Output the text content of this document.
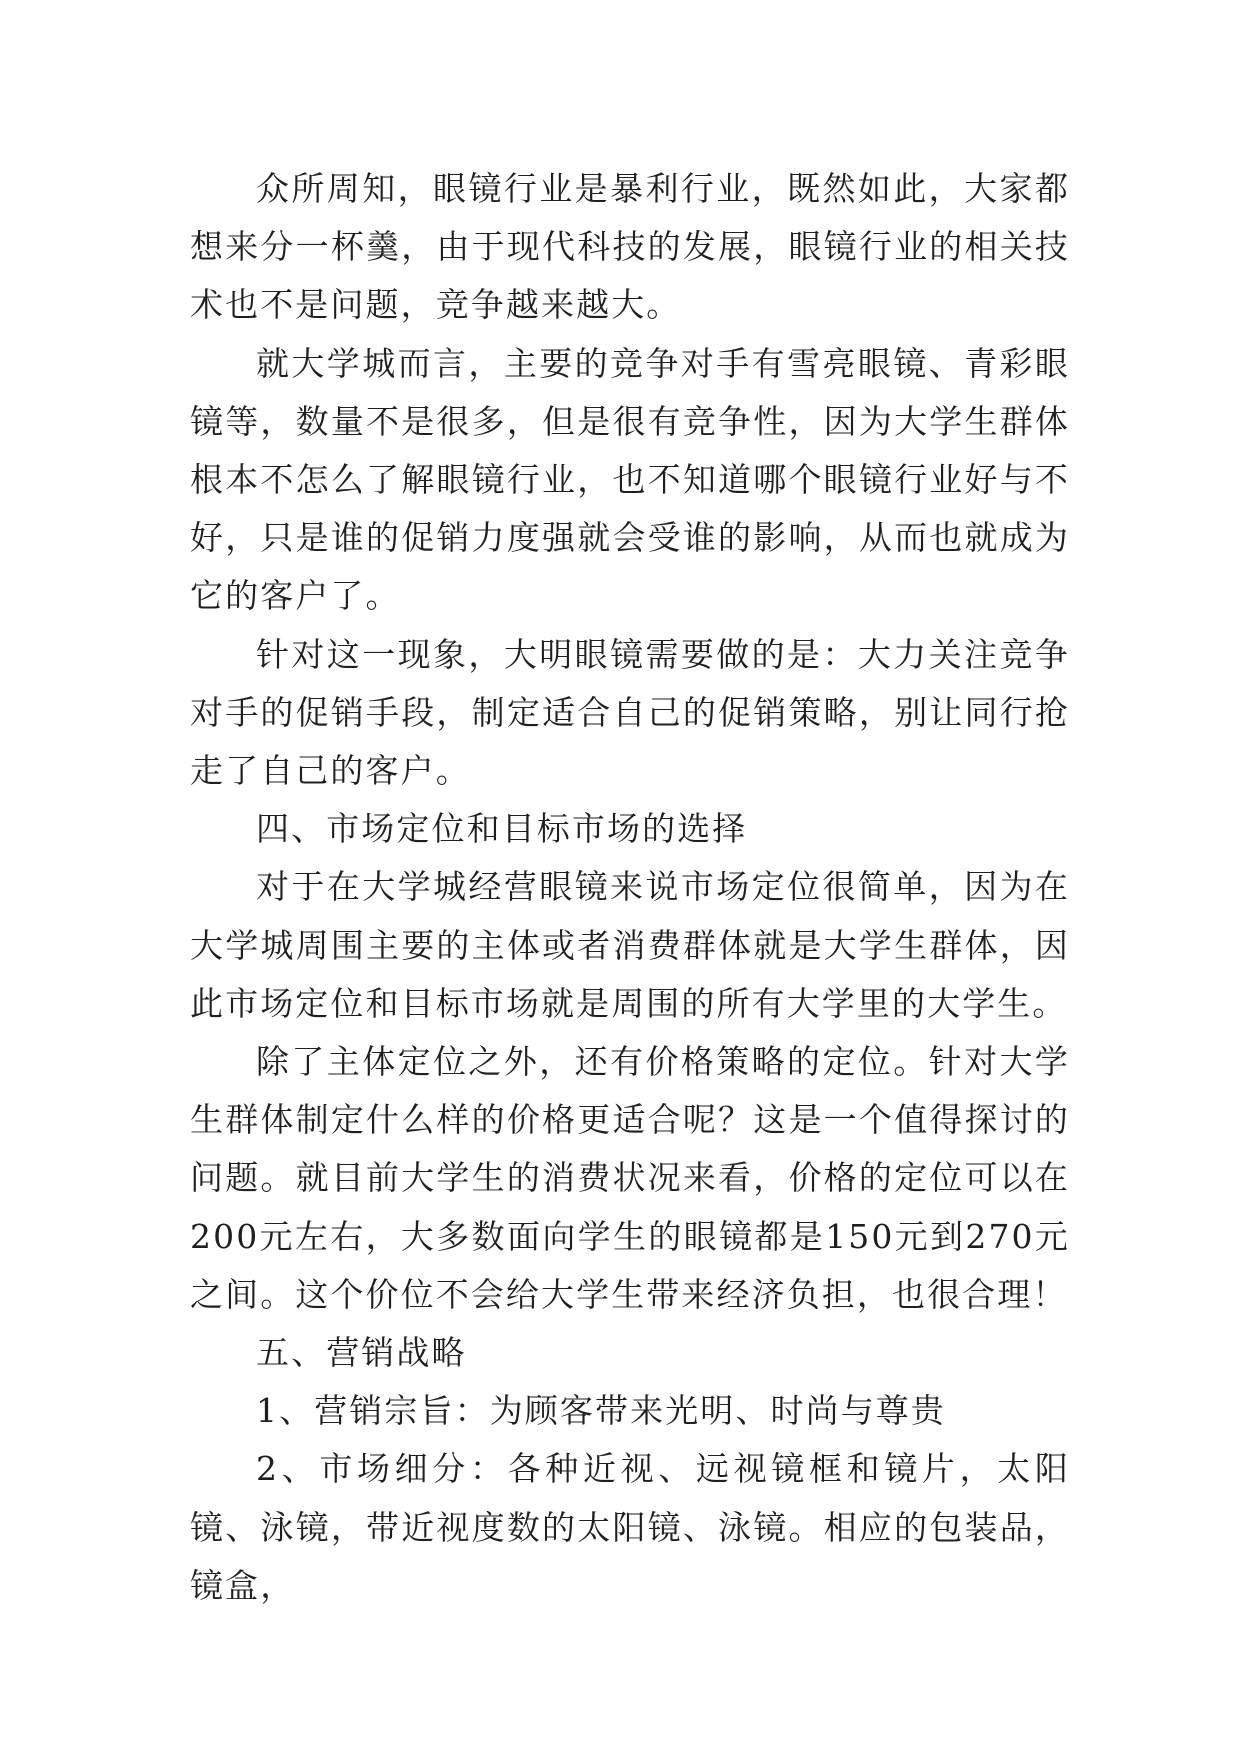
众所周知，眼镜行业是暴利行业，既然如此，大家都想来分一杯羹，由于现代科技的发展，眼镜行业的相关技术也不是问题，竞争越来越大。

就大学城而言，主要的竞争对手有雪亮眼镜、青彩眼镜等，数量不是很多，但是很有竞争性，因为大学生群体根本不怎么了解眼镜行业，也不知道哪个眼镜行业好与不好，只是谁的促销力度强就会受谁的影响，从而也就成为它的客户了。

针对这一现象，大明眼镜需要做的是：大力关注竞争对手的促销手段，制定适合自己的促销策略，别让同行抢走了自己的客户。

四、市场定位和目标市场的选择

对于在大学城经营眼镜来说市场定位很简单，因为在大学城周围主要的主体或者消费群体就是大学生群体，因此市场定位和目标市场就是周围的所有大学里的大学生。

除了主体定位之外，还有价格策略的定位。针对大学生群体制定什么样的价格更适合呢？这是一个值得探讨的问题。就目前大学生的消费状况来看，价格的定位可以在200元左右，大多数面向学生的眼镜都是150元到270元之间。这个价位不会给大学生带来经济负担，也很合理！

五、营销战略

1、营销宗旨：为顾客带来光明、时尚与尊贵

2、市场细分：各种近视、远视镜框和镜片，太阳镜、泳镜，带近视度数的太阳镜、泳镜。相应的包装品，镜盒，
